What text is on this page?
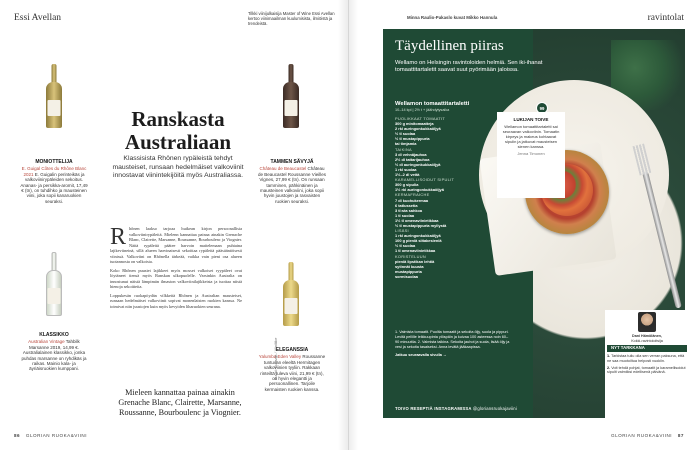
Essi Avellan	Tilkki viinijulkaisija Master of Wine Essi Avellan kertoo viinimaailman kuulumisista, ilmiöistä ja trendeistä.
MONIOTTELIJA
E. Guigal Côtes du Rhône Blanc 2021 E. Guigalin perinteikäs ja valkoviinirypäleiden sekoitus. Ananas- ja persikka-aromit, 17,49 € (tn), on tuhdihko ja mausteinen viini, joka sopii kanaruokien seuraksi.
KLASSIKKO
Australian Vintage Tahbilk Marsanne 2019, 14,99 €. Australialainen klassikko, jonka puhdas marsanne on ryhdikäs ja raikas. Mainio kala- ja äyriäisruokien kumppani.
TAMMEN SÄVYJÄ
Château de Beaucastel Château de Beaucastel Roussanne Vieilles Vignes, 27,99 € (tn). On runsaan tamminen, pähkinäinen ja mausteinen valkoviini, joka sopii hyvin juustojen ja rasvaisten ruokien seuraksi.
ELEGANSSIA
Yalumba Eden Valley Roussanne tuntuvan eleeltä Hermitagen valkoviinien tyyliin. Rakkaan rinteiltä tuleva viini, 21,99 € (tn), on hyvin elegantti ja persoonallinen. Tarjoile kermaisten ruokien kanssa.
Ranskasta Australiaan
Klassisista Rhônen rypäleistä tehdyt mausteiset, runsaan hedelmäiset valkoviinit innostavat viinintekijöitä myös Australiassa.

Rhônen laakso tarjoaa huikean kirjon persoonallisia valkoviinirypäleitä. Mielenn kannattaa painaa ainakin Grenache Blanc, Clairette, Marsanne, Roussanne, Bourboulenc ja Viognier. Näitä rypäleitä päätee harvoin maitelemaan puhtaina lajikeviineinä, sillä alueen harvinaisesti sekoittaa rypäleitä pääsääntöisesti viinissä. Valkoviini on Rhônella tärkeää, vaikka vain pieni osa alueen tuotannosta on valkoista.

Koko Rhônen puusiet lajikkeet myös mosset valkoiset ryypäleet ovat löytäneet tiensä myös Ranskan ulkopuolelle. Varsinkin Australia on innostunut näistä lämpimän ilmaston valkoviinilajikkeista ja tuottaa niistä hienoja sekoitteita.

Loppukesän ruokapöydän vilkkeitä Rhônen ja Australian mausteiset, runsaan hedelmäiset valkoviinit sopivat monenlaisten ruokien kanssa. Ne toimivat niin juustojen kuin myös kevyiden liharuokien seurana.

Mieleen kannattaa painaa ainakin Grenache Blanc, Clairette, Marsanne, Roussanne, Bourboulenc ja Viognier.
Kuvat: Kuvaaja / Viiniliike
86 GLORIAN RUOKA&VIINI
Minna Raulio-Pakaslo kuvat Mikko Hannula	ravintolat
Täydellinen piiras
Wellamo on Helsingin ravintoloiden helmiä. Sen iki-ihanat tomaattitartaletit saavat suut pyörimään jaloissa.
Wellamon tomaattitartaletti
10–14 kpl | 2½ t + jäähdytysaika
PUOLIKKAAT TOMAATIT
300 g minitomaatteja
2 rkl auringonkukkaöljyä
½ tl suolaa
½ tl mustapippuria
tai timjamia
TAIKINA
3 dl vehnäjauhoa
2½ dl tattarijauhoa
½ dl auringonkukkaöljyä
1 rkl suolaa
1½–2 dl vettä
KARAMELLISOIDUT SIPULIT
300 g sipulia
1½ rkl auringonkukkaöljyä
KERMAFRAICHE
7 dl kuohukermaa
6 tatlussetia
3 tl:sta sahkoa
1 tl suolaa
1½ tl omenaviinietikkaa
½ tl mustapippuria myllystä
LISÄSI
1 rkl auringonkukkaöljyä
100 g pieniä siitakesieniä
½ tl suolaa
1 tl omenaviinietikkaa
KORISTELUUN
pieniä lipstikan lehtiä
sytinnät kuusta
mustapippuria
sormisuolaa
99
LUKIJAN TOIVE
Wellamon tomaattitartaletti sai seuraavan valkoviinin. Tomaatin kirpeys ja makeus kohtaavat sipulin ja jatkuvat mausteisen sienen kanssa.
Jenna Timonen
1. Valmista tomaatit. Puolita tomaatit ja sekoita öljy, suola ja pippuri. Levitä pellille leikkuupinta ylöspäin ja kuivaa 100 asteessa noin 60–90 minuuttia. 2. Valmista taikina. Sekoita jauhot ja suola, lisää öljy ja vesi ja sekoita tasaiseksi. Anna levätä jääkaapissa.
Jatkuu seuraavalla sivulla →
TOIVO RESEPTIÄ INSTAGRAMISSA @gloriansruokajaviini
Dani Hämölänen,
Kokki-ravintoloitsija
NYT TARKKANA
1. Tarkistaa tuliu olla sen verran paksuna, että ne saa muotoiltua helposti vuokiin.
2. Voit tehdä pohjat, tomaatit ja karamellisoidut sipulit valmiiksi edellisenä päivänä.
GLORIAN RUOKA&VIINI 87
